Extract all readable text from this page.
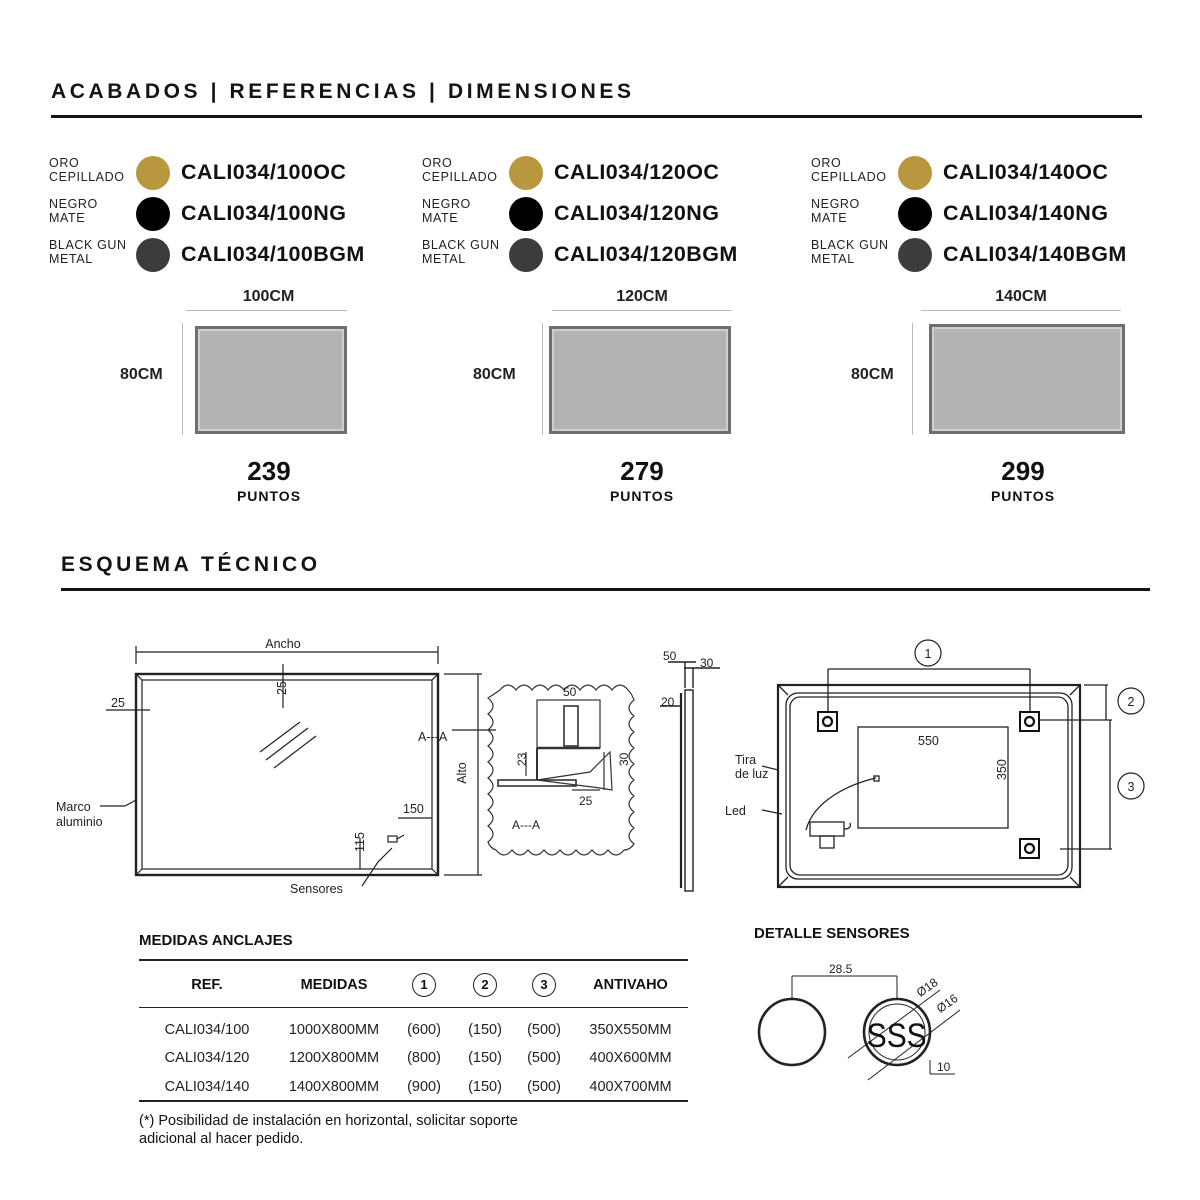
ACABADOS | REFERENCIAS | DIMENSIONES
ORO
CEPILLADO	CALI034/100OC
NEGRO
MATE	CALI034/100NG
BLACK GUN
METAL	CALI034/100BGM
100CM
80CM
239
PUNTOS
ORO
CEPILLADO	CALI034/120OC
NEGRO
MATE	CALI034/120NG
BLACK GUN
METAL	CALI034/120BGM
120CM
80CM
279
PUNTOS
ORO
CEPILLADO	CALI034/140OC
NEGRO
MATE	CALI034/140NG
BLACK GUN
METAL	CALI034/140BGM
140CM
80CM
299
PUNTOS
ESQUEMA TÉCNICO
Ancho
Alto
25
25
A---A
Marco
aluminio
150
115
Sensores
50
23	30
25
A---A
50 30
20
1
2
3
550
350
Tira
de luz
Led
28.5
Ø18
Ø16
10
SSS
MEDIDAS ANCLAJES
REF.	MEDIDAS	1	2	3	ANTIVAHO

CALI034/100	1000X800MM	(600)	(150)	(500)	350X550MM
CALI034/120	1200X800MM	(800)	(150)	(500)	400X600MM
CALI034/140	1400X800MM	(900)	(150)	(500)	400X700MM
(*) Posibilidad de instalación en horizontal, solicitar soporte adicional al hacer pedido.
DETALLE SENSORES
